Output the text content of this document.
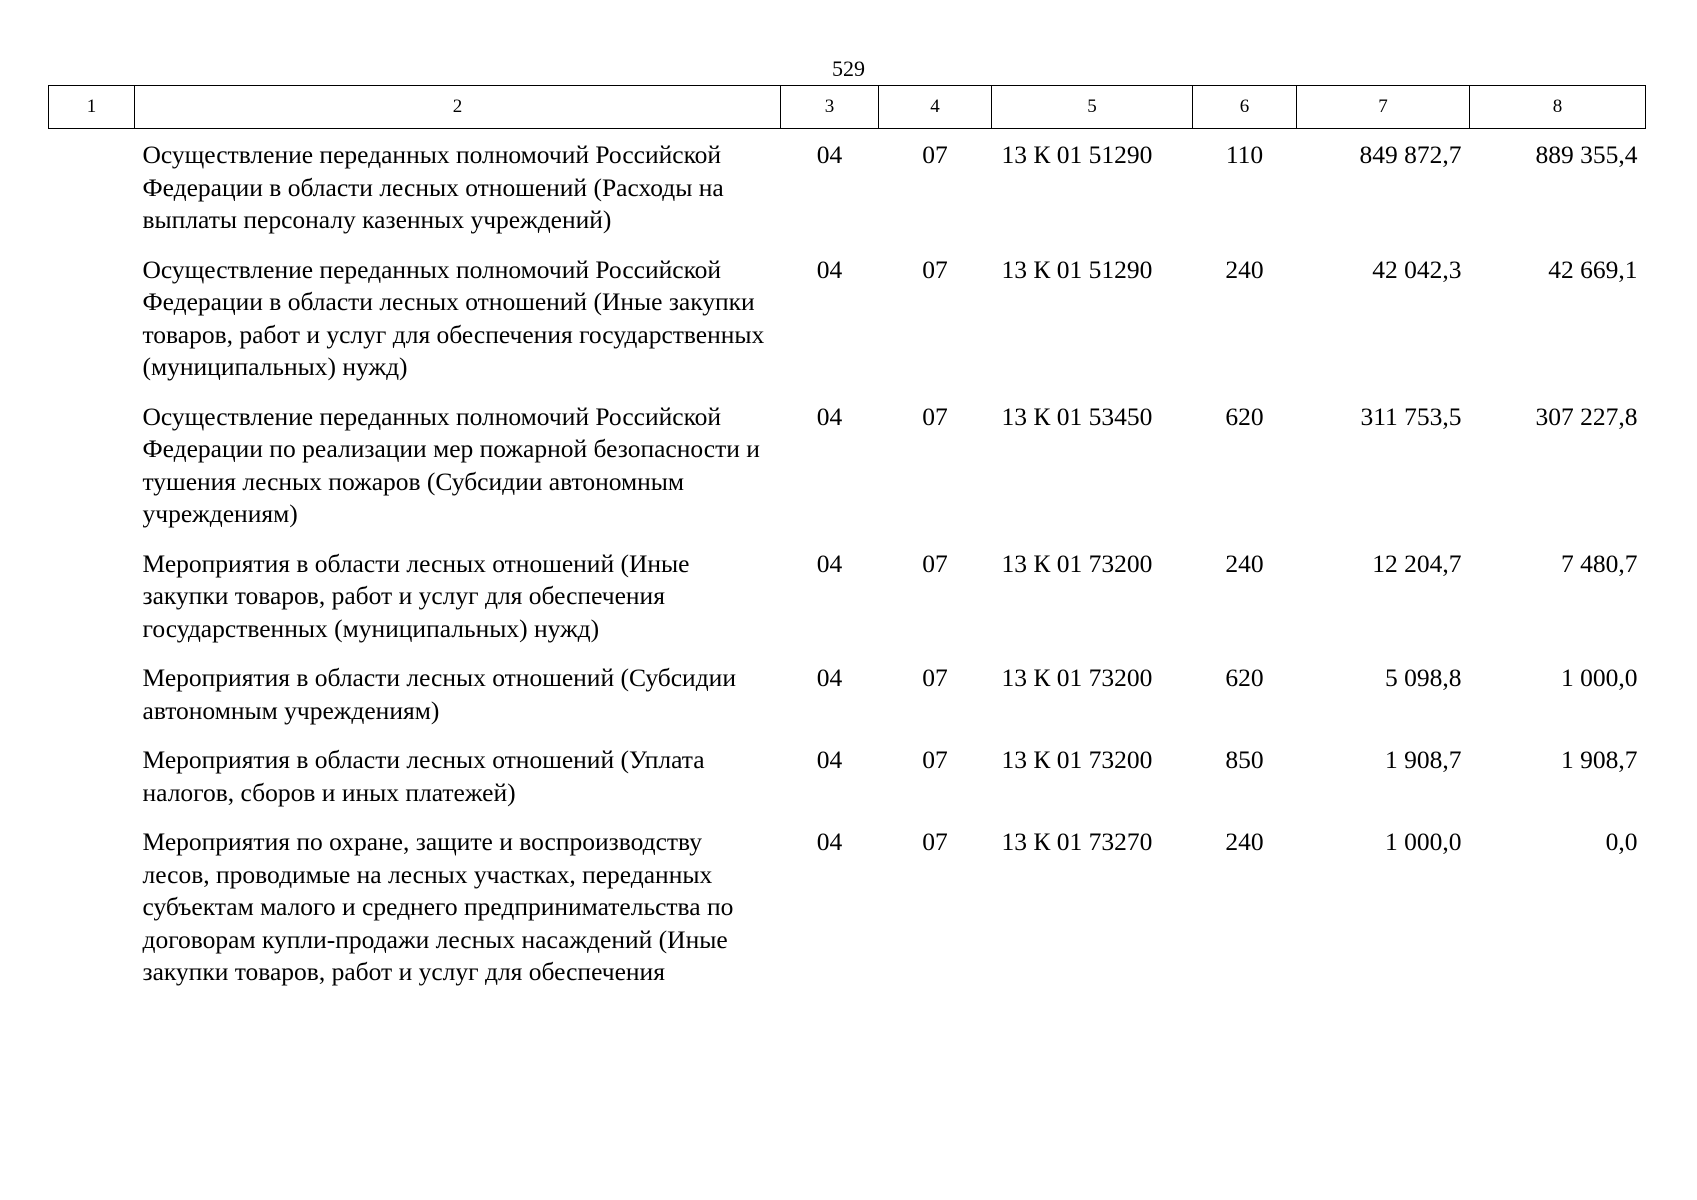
529
1	2	3	4	5	6	7	8
	Осуществление переданных полномочий Российской Федерации в области лесных отношений (Расходы на выплаты персоналу казенных учреждений)	04	07	13 К 01 51290	110	849 872,7	889 355,4
	Осуществление переданных полномочий Российской Федерации в области лесных отношений (Иные закупки товаров, работ и услуг для обеспечения государственных (муниципальных) нужд)	04	07	13 К 01 51290	240	42 042,3	42 669,1
	Осуществление переданных полномочий Российской Федерации по реализации мер пожарной безопасности и тушения лесных пожаров (Субсидии автономным учреждениям)	04	07	13 К 01 53450	620	311 753,5	307 227,8
	Мероприятия в области лесных отношений (Иные закупки товаров, работ и услуг для обеспечения государственных (муниципальных) нужд)	04	07	13 К 01 73200	240	12 204,7	7 480,7
	Мероприятия в области лесных отношений (Субсидии автономным учреждениям)	04	07	13 К 01 73200	620	5 098,8	1 000,0
	Мероприятия в области лесных отношений (Уплата налогов, сборов и иных платежей)	04	07	13 К 01 73200	850	1 908,7	1 908,7
	Мероприятия по охране, защите и воспроизводству лесов, проводимые на лесных участках, переданных субъектам малого и среднего предпринимательства по договорам купли-продажи лесных насаждений (Иные закупки товаров, работ и услуг для обеспечения	04	07	13 К 01 73270	240	1 000,0	0,0
